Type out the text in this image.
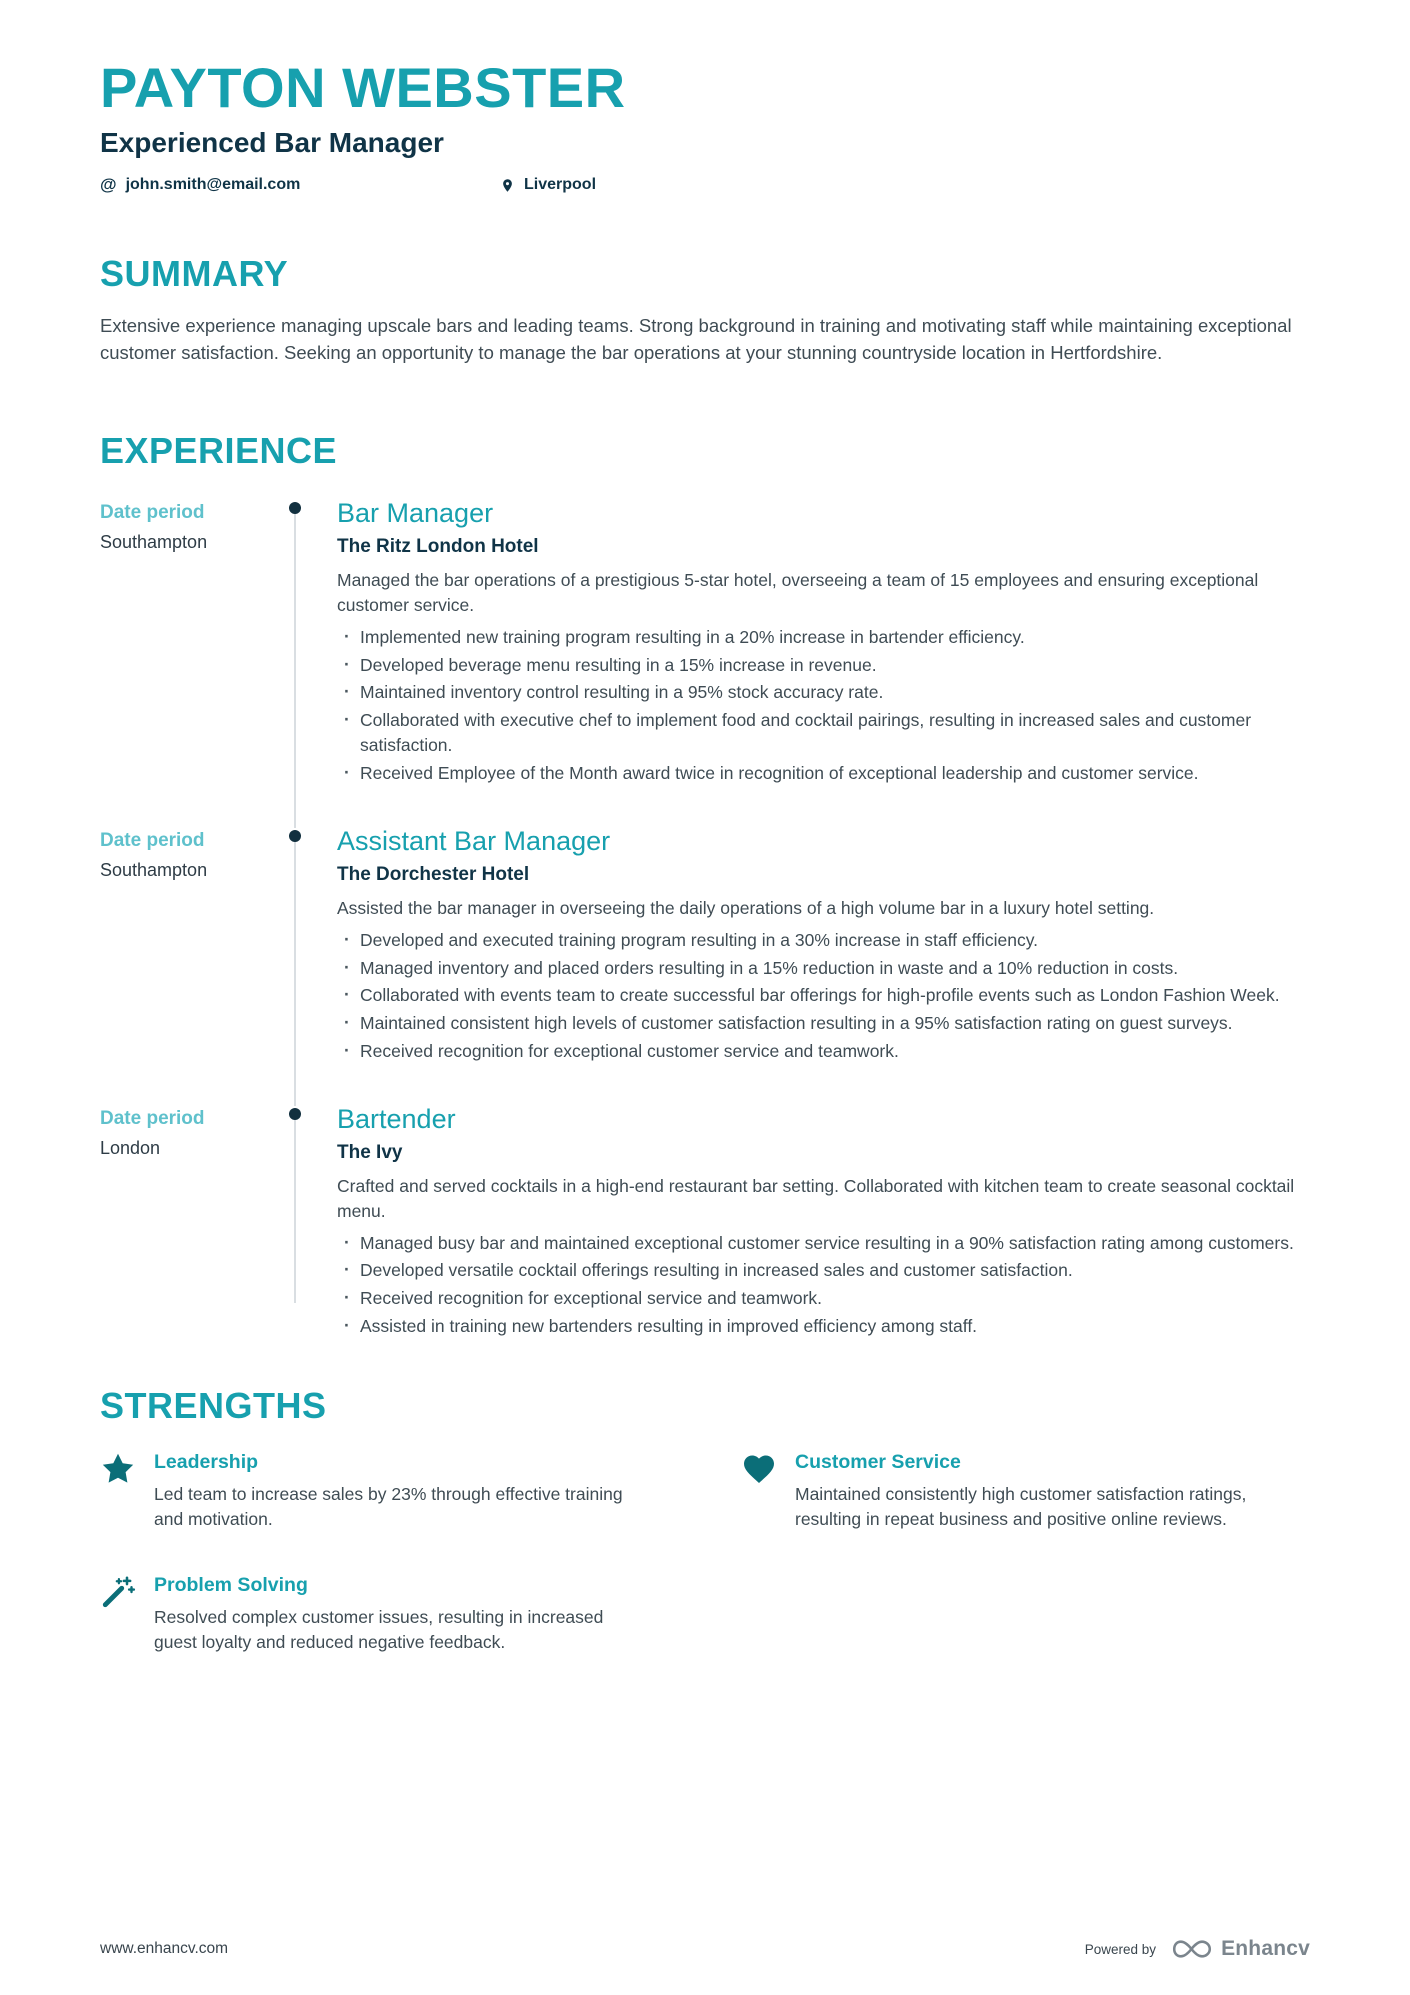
PAYTON WEBSTER
Experienced Bar Manager
@ john.smith@email.com	Liverpool
SUMMARY

Extensive experience managing upscale bars and leading teams. Strong background in training and motivating staff while maintaining exceptional customer satisfaction. Seeking an opportunity to manage the bar operations at your stunning countryside location in Hertfordshire.

EXPERIENCE
Date period
Southampton
Bar Manager
The Ritz London Hotel

Managed the bar operations of a prestigious 5-star hotel, overseeing a team of 15 employees and ensuring exceptional customer service.

· Implemented new training program resulting in a 20% increase in bartender efficiency.
· Developed beverage menu resulting in a 15% increase in revenue.
· Maintained inventory control resulting in a 95% stock accuracy rate.
· Collaborated with executive chef to implement food and cocktail pairings, resulting in increased sales and customer satisfaction.
· Received Employee of the Month award twice in recognition of exceptional leadership and customer service.
Date period
Southampton
Assistant Bar Manager
The Dorchester Hotel

Assisted the bar manager in overseeing the daily operations of a high volume bar in a luxury hotel setting.

· Developed and executed training program resulting in a 30% increase in staff efficiency.
· Managed inventory and placed orders resulting in a 15% reduction in waste and a 10% reduction in costs.
· Collaborated with events team to create successful bar offerings for high-profile events such as London Fashion Week.
· Maintained consistent high levels of customer satisfaction resulting in a 95% satisfaction rating on guest surveys.
· Received recognition for exceptional customer service and teamwork.
Date period
London
Bartender
The Ivy

Crafted and served cocktails in a high-end restaurant bar setting. Collaborated with kitchen team to create seasonal cocktail menu.

· Managed busy bar and maintained exceptional customer service resulting in a 90% satisfaction rating among customers.
· Developed versatile cocktail offerings resulting in increased sales and customer satisfaction.
· Received recognition for exceptional service and teamwork.
· Assisted in training new bartenders resulting in improved efficiency among staff.
STRENGTHS
Leadership

Led team to increase sales by 23% through effective training and motivation.

Customer Service

Maintained consistently high customer satisfaction ratings, resulting in repeat business and positive online reviews.

Problem Solving

Resolved complex customer issues, resulting in increased guest loyalty and reduced negative feedback.

www.enhancv.com	Powered by	Enhancv
